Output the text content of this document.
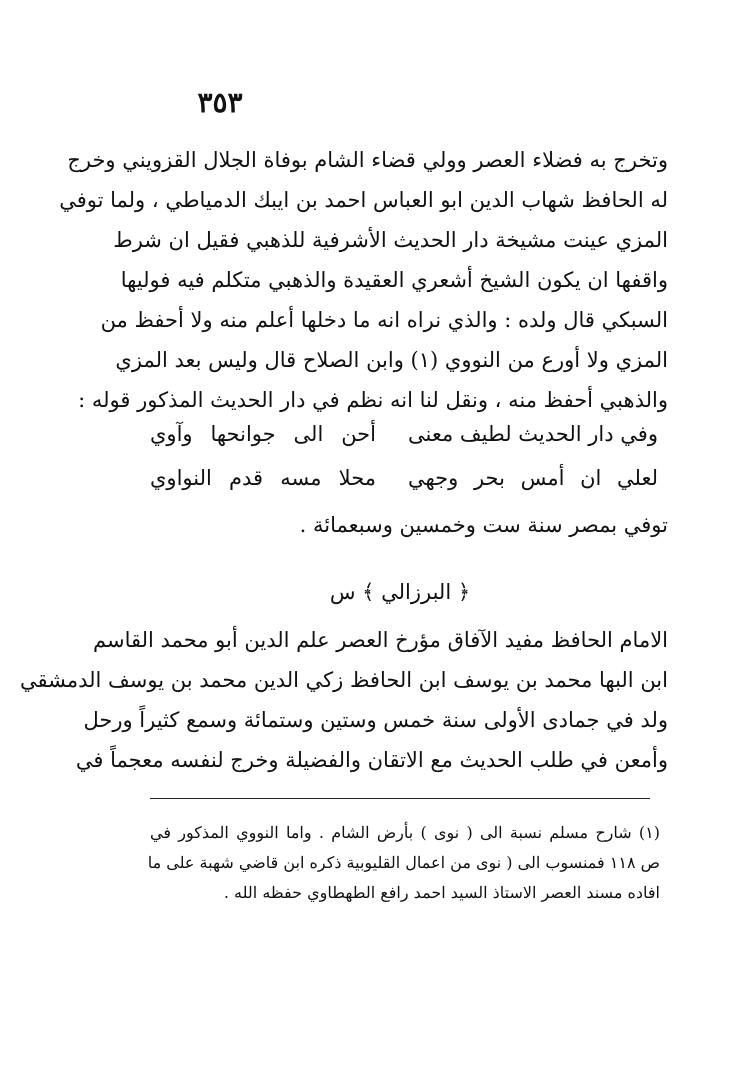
٣٥٣
وتخرج به فضلاء العصر وولي قضاء الشام بوفاة الجلال القزويني وخرج
له الحافظ شهاب الدين ابو العباس احمد بن ايبك الدمياطي ، ولما توفي
المزي عينت مشيخة دار الحديث الأشرفية للذهبي فقيل ان شرط
واقفها ان يكون الشيخ أشعري العقيدة والذهبي متكلم فيه فوليها
السبكي قال ولده : والذي نراه انه ما دخلها أعلم منه ولا أحفظ من
المزي ولا أورع من النووي (١) وابن الصلاح قال وليس بعد المزي
والذهبي أحفظ منه ، ونقل لنا انه نظم في دار الحديث المذكور قوله :
وفي دار الحديث لطيف معنى
أحن الى جوانحها وآوي
لعلي ان أمس بحر وجهي
محلا مسه قدم النواوي
توفي بمصر سنة ست وخمسين وسبعمائة .
﴿ البرزالي ﴾ س
الامام الحافظ مفيد الآفاق مؤرخ العصر علم الدين أبو محمد القاسم
ابن البها محمد بن يوسف ابن الحافظ زكي الدين محمد بن يوسف الدمشقي
ولد في جمادى الأولى سنة خمس وستين وستمائة وسمع كثيراً ورحل
وأمعن في طلب الحديث مع الاتقان والفضيلة وخرج لنفسه معجماً في
(١) شارح مسلم نسبة الى ( نوى ) بأرض الشام . واما النووي المذكور في
ص ١١٨ فمنسوب الى ( نوى من اعمال القليوبية ذكره ابن قاضي شهبة على ما
افاده مسند العصر الاستاذ السيد احمد رافع الطهطاوي حفظه الله .
